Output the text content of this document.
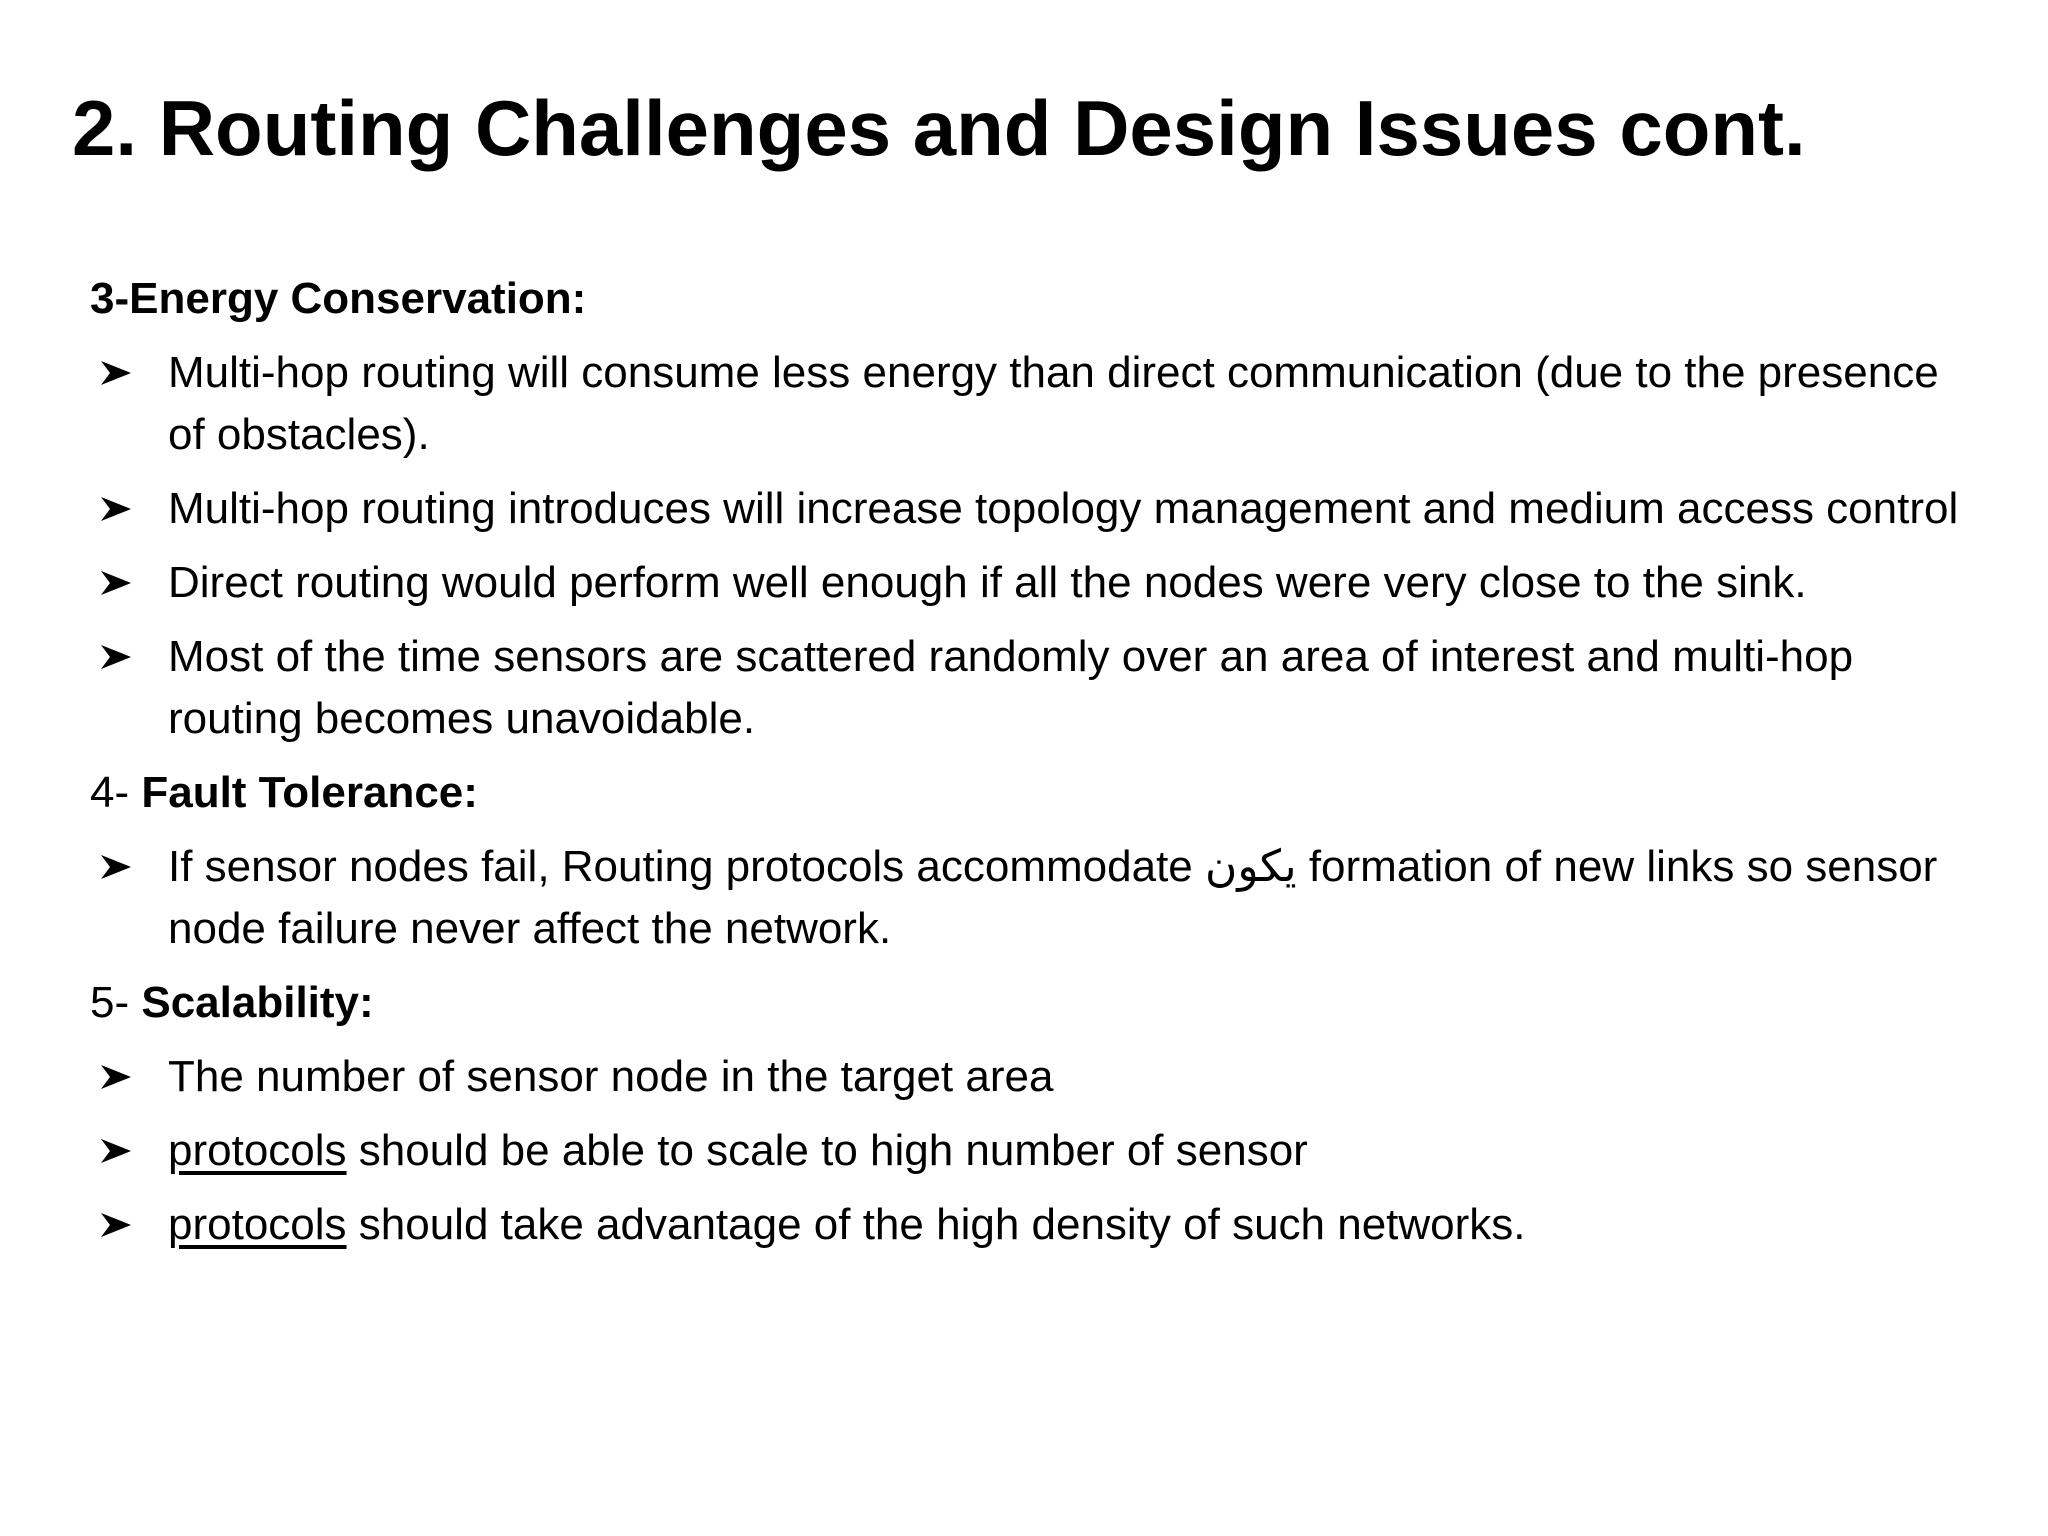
2. Routing Challenges and Design Issues cont.
3-Energy Conservation:
Multi-hop routing will consume less energy than direct communication (due to the presence of obstacles).
Multi-hop routing introduces will increase topology management and medium access control
Direct routing would perform well enough if all the nodes were very close to the sink.
Most of the time sensors are scattered randomly over an area of interest and multi-hop routing becomes unavoidable.
4- Fault Tolerance:
If sensor nodes fail, Routing protocols accommodate يكون formation of new links so sensor node failure never affect the network.
5- Scalability:
The number of sensor node in the target area
protocols should be able to scale to high number of sensor
protocols should take advantage of the high density of such networks.
